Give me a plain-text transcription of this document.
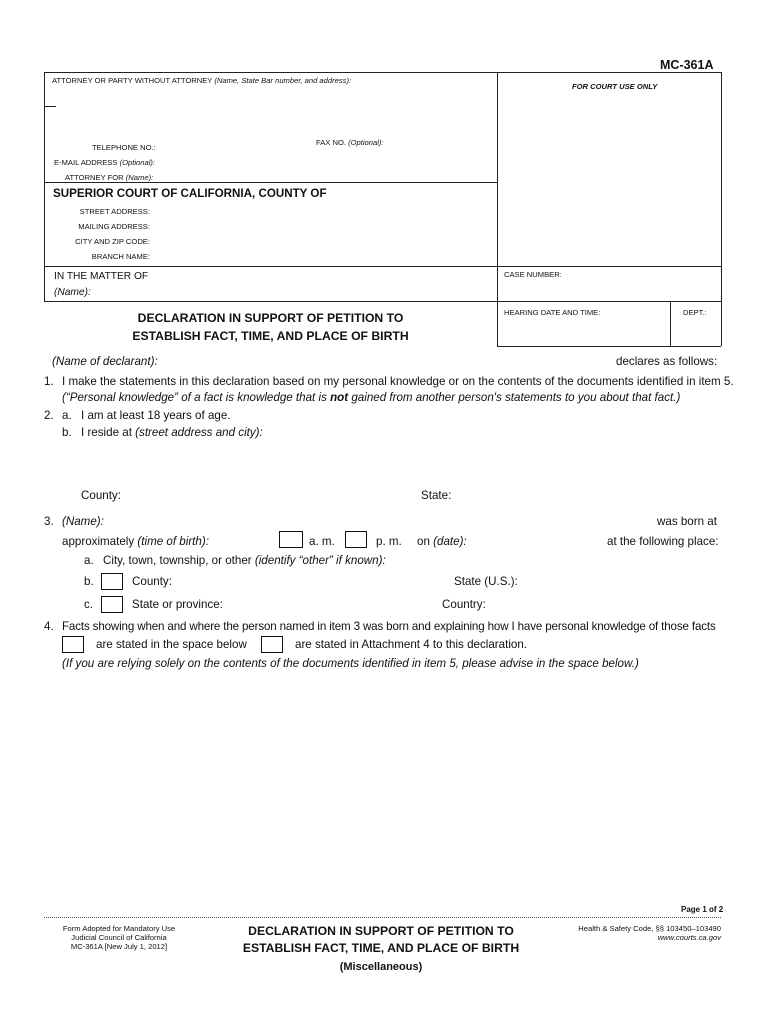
MC-361A
ATTORNEY OR PARTY WITHOUT ATTORNEY (Name, State Bar number, and address):
FOR COURT USE ONLY
TELEPHONE NO.:
FAX NO. (Optional):
E-MAIL ADDRESS (Optional):
ATTORNEY FOR (Name):
SUPERIOR COURT OF CALIFORNIA, COUNTY OF
STREET ADDRESS:
MAILING ADDRESS:
CITY AND ZIP CODE:
BRANCH NAME:
IN THE MATTER OF
(Name):
CASE NUMBER:
DECLARATION IN SUPPORT OF PETITION TO
ESTABLISH FACT, TIME, AND PLACE OF BIRTH
HEARING DATE AND TIME:	DEPT.:
(Name of declarant):	declares as follows:
1. I make the statements in this declaration based on my personal knowledge or on the contents of the documents identified in item 5.
(“Personal knowledge” of a fact is knowledge that is not gained from another person's statements to you about that fact.)
2. a. I am at least 18 years of age.
b. I reside at (street address and city):
County:	State:
3. (Name):	was born at
approximately (time of birth):	a. m.	p. m. on (date):	at the following place:
a. City, town, township, or other (identify “other” if known):
b.	County:	State (U.S.):
c.	State or province:	Country:
4. Facts showing when and where the person named in item 3 was born and explaining how I have personal knowledge of those facts
are stated in the space below	are stated in Attachment 4 to this declaration.
(If you are relying solely on the contents of the documents identified in item 5, please advise in the space below.)
Page 1 of 2
Form Adopted for Mandatory Use
Judicial Council of California
MC-361A [New July 1, 2012]
DECLARATION IN SUPPORT OF PETITION TO
ESTABLISH FACT, TIME, AND PLACE OF BIRTH
(Miscellaneous)
Health & Safety Code, §§ 103450–103490
www.courts.ca.gov
